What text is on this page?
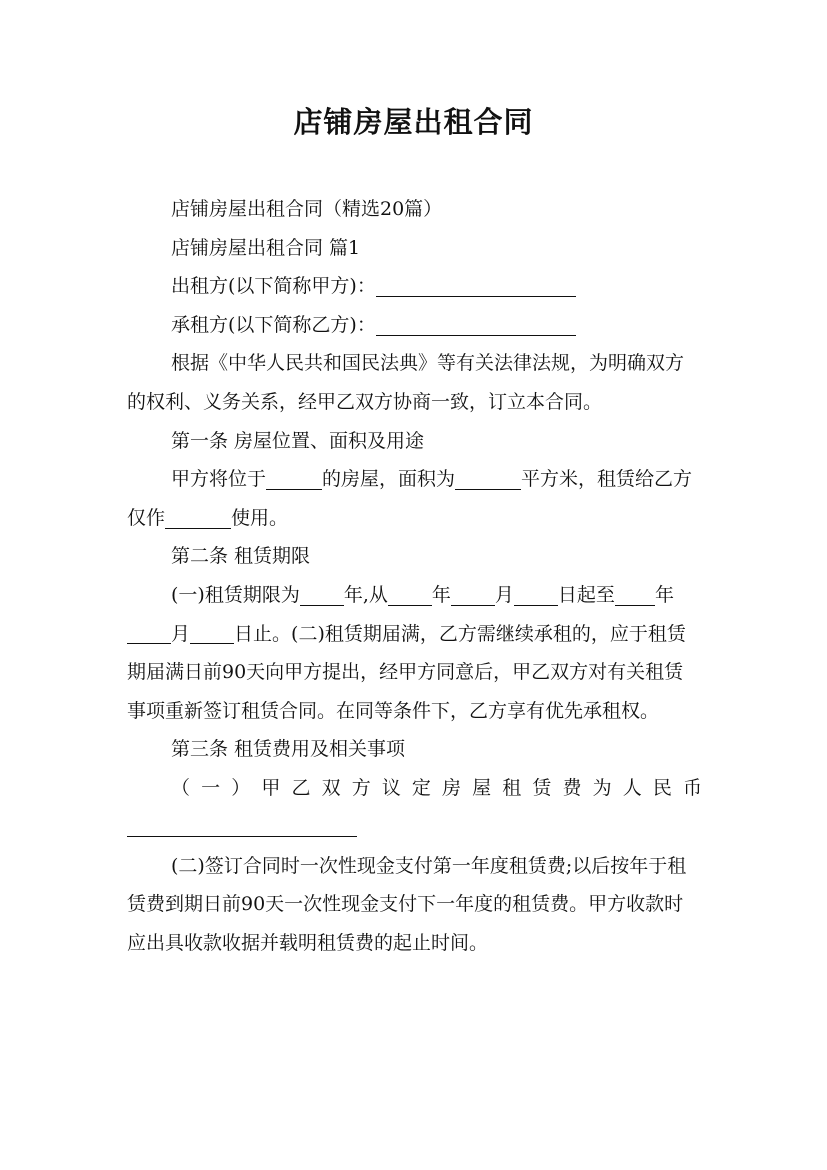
店铺房屋出租合同

店铺房屋出租合同（精选20篇）

店铺房屋出租合同 篇1

出租方(以下简称甲方)：

承租方(以下简称乙方)：

根据《中华人民共和国民法典》等有关法律法规，为明确双方的权利、义务关系，经甲乙双方协商一致，订立本合同。

第一条 房屋位置、面积及用途

甲方将位于	的房屋，面积为	平方米，租赁给乙方仅作	使用。

第二条 租赁期限

(一)租赁期限为 年,从 年 月 日起至 年月 日止。(二)租赁期届满，乙方需继续承租的，应于租赁期届满日前90天向甲方提出，经甲方同意后，甲乙双方对有关租赁事项重新签订租赁合同。在同等条件下，乙方享有优先承租权。

第三条 租赁费用及相关事项

（一）甲乙双方议定房屋租赁费为人民币

(二)签订合同时一次性现金支付第一年度租赁费;以后按年于租赁费到期日前90天一次性现金支付下一年度的租赁费。甲方收款时应出具收款收据并载明租赁费的起止时间。
